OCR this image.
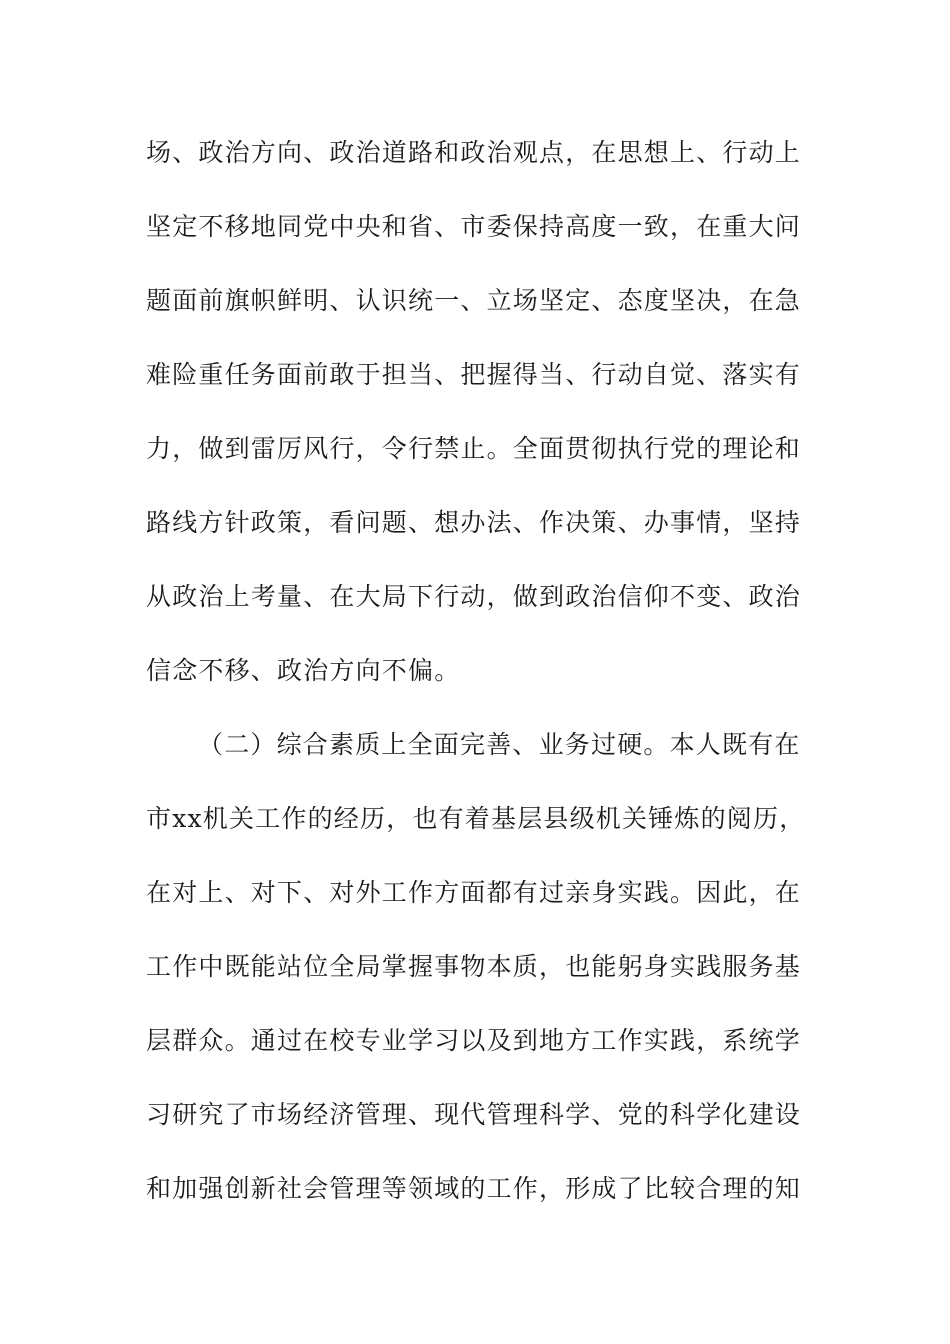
场、政治方向、政治道路和政治观点，在思想上、行动上
坚定不移地同党中央和省、市委保持高度一致，在重大问
题面前旗帜鲜明、认识统一、立场坚定、态度坚决，在急
难险重任务面前敢于担当、把握得当、行动自觉、落实有
力，做到雷厉风行，令行禁止。全面贯彻执行党的理论和
路线方针政策，看问题、想办法、作决策、办事情，坚持
从政治上考量、在大局下行动，做到政治信仰不变、政治
信念不移、政治方向不偏。
（二）综合素质上全面完善、业务过硬。本人既有在
市xx机关工作的经历，也有着基层县级机关锤炼的阅历，
在对上、对下、对外工作方面都有过亲身实践。因此，在
工作中既能站位全局掌握事物本质，也能躬身实践服务基
层群众。通过在校专业学习以及到地方工作实践，系统学
习研究了市场经济管理、现代管理科学、党的科学化建设
和加强创新社会管理等领域的工作，形成了比较合理的知
